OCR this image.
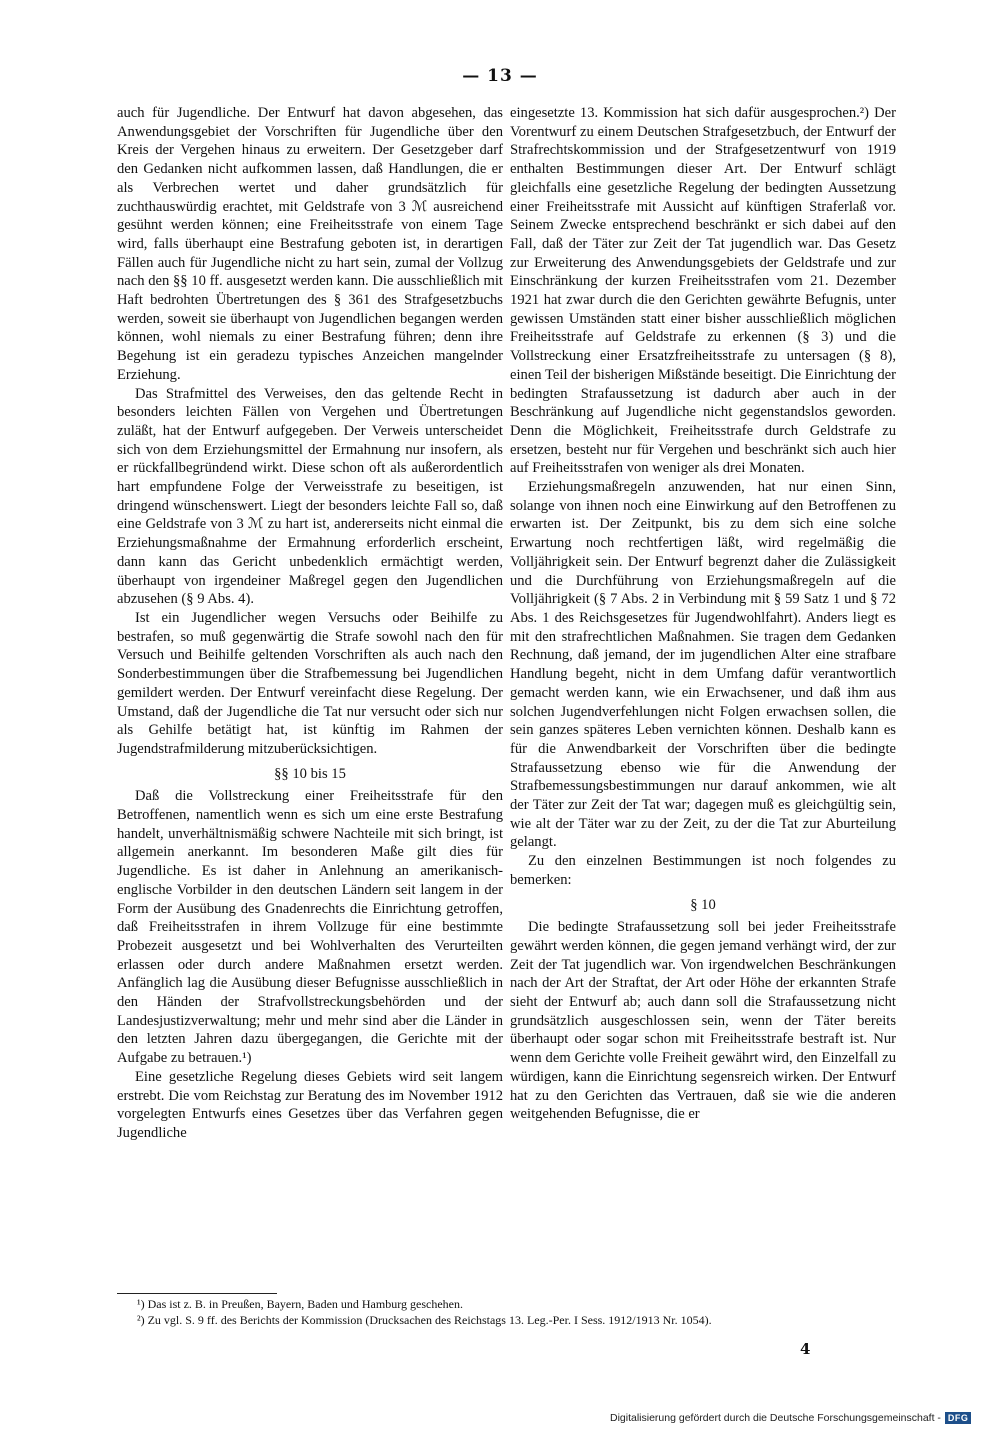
— 13 —

auch für Jugendliche. Der Entwurf hat davon abgesehen, das Anwendungsgebiet der Vorschriften für Jugendliche über den Kreis der Vergehen hinaus zu erweitern. Der Gesetzgeber darf den Gedanken nicht aufkommen lassen, daß Handlungen, die er als Verbrechen wertet und daher grundsätzlich für zuchthauswürdig erachtet, mit Geldstrafe von 3 ℳ ausreichend gesühnt werden können; eine Freiheitsstrafe von einem Tage wird, falls überhaupt eine Bestrafung geboten ist, in derartigen Fällen auch für Jugendliche nicht zu hart sein, zumal der Vollzug nach den §§ 10 ff. ausgesetzt werden kann. Die ausschließlich mit Haft bedrohten Übertretungen des § 361 des Strafgesetzbuchs werden, soweit sie überhaupt von Jugendlichen begangen werden können, wohl niemals zu einer Bestrafung führen; denn ihre Begehung ist ein geradezu typisches Anzeichen mangelnder Erziehung.

Das Strafmittel des Verweises, den das geltende Recht in besonders leichten Fällen von Vergehen und Übertretungen zuläßt, hat der Entwurf aufgegeben. Der Verweis unterscheidet sich von dem Erziehungsmittel der Ermahnung nur insofern, als er rückfallbegründend wirkt. Diese schon oft als außerordentlich hart empfundene Folge der Verweisstrafe zu beseitigen, ist dringend wünschenswert. Liegt der besonders leichte Fall so, daß eine Geldstrafe von 3 ℳ zu hart ist, andererseits nicht einmal die Erziehungsmaßnahme der Ermahnung erforderlich erscheint, dann kann das Gericht unbedenklich ermächtigt werden, überhaupt von irgendeiner Maßregel gegen den Jugendlichen abzusehen (§ 9 Abs. 4).

Ist ein Jugendlicher wegen Versuchs oder Beihilfe zu bestrafen, so muß gegenwärtig die Strafe sowohl nach den für Versuch und Beihilfe geltenden Vorschriften als auch nach den Sonderbestimmungen über die Strafbemessung bei Jugendlichen gemildert werden. Der Entwurf vereinfacht diese Regelung. Der Umstand, daß der Jugendliche die Tat nur versucht oder sich nur als Gehilfe betätigt hat, ist künftig im Rahmen der Jugendstrafmilderung mitzuberücksichtigen.

§§ 10 bis 15

Daß die Vollstreckung einer Freiheitsstrafe für den Betroffenen, namentlich wenn es sich um eine erste Bestrafung handelt, unverhältnismäßig schwere Nachteile mit sich bringt, ist allgemein anerkannt. Im besonderen Maße gilt dies für Jugendliche. Es ist daher in Anlehnung an amerikanisch-englische Vorbilder in den deutschen Ländern seit langem in der Form der Ausübung des Gnadenrechts die Einrichtung getroffen, daß Freiheitsstrafen in ihrem Vollzuge für eine bestimmte Probezeit ausgesetzt und bei Wohlverhalten des Verurteilten erlassen oder durch andere Maßnahmen ersetzt werden. Anfänglich lag die Ausübung dieser Befugnisse ausschließlich in den Händen der Strafvollstreckungsbehörden und der Landesjustizverwaltung; mehr und mehr sind aber die Länder in den letzten Jahren dazu übergegangen, die Gerichte mit der Aufgabe zu betrauen.¹)

Eine gesetzliche Regelung dieses Gebiets wird seit langem erstrebt. Die vom Reichstag zur Beratung des im November 1912 vorgelegten Entwurfs eines Gesetzes über das Verfahren gegen Jugendliche

eingesetzte 13. Kommission hat sich dafür ausgesprochen.²) Der Vorentwurf zu einem Deutschen Strafgesetzbuch, der Entwurf der Strafrechtskommission und der Strafgesetzentwurf von 1919 enthalten Bestimmungen dieser Art. Der Entwurf schlägt gleichfalls eine gesetzliche Regelung der bedingten Aussetzung einer Freiheitsstrafe mit Aussicht auf künftigen Straferlaß vor. Seinem Zwecke entsprechend beschränkt er sich dabei auf den Fall, daß der Täter zur Zeit der Tat jugendlich war. Das Gesetz zur Erweiterung des Anwendungsgebiets der Geldstrafe und zur Einschränkung der kurzen Freiheitsstrafen vom 21. Dezember 1921 hat zwar durch die den Gerichten gewährte Befugnis, unter gewissen Umständen statt einer bisher ausschließlich möglichen Freiheitsstrafe auf Geldstrafe zu erkennen (§ 3) und die Vollstreckung einer Ersatzfreiheitsstrafe zu untersagen (§ 8), einen Teil der bisherigen Mißstände beseitigt. Die Einrichtung der bedingten Strafaussetzung ist dadurch aber auch in der Beschränkung auf Jugendliche nicht gegenstandslos geworden. Denn die Möglichkeit, Freiheitsstrafe durch Geldstrafe zu ersetzen, besteht nur für Vergehen und beschränkt sich auch hier auf Freiheitsstrafen von weniger als drei Monaten.

Erziehungsmaßregeln anzuwenden, hat nur einen Sinn, solange von ihnen noch eine Einwirkung auf den Betroffenen zu erwarten ist. Der Zeitpunkt, bis zu dem sich eine solche Erwartung noch rechtfertigen läßt, wird regelmäßig die Volljährigkeit sein. Der Entwurf begrenzt daher die Zulässigkeit und die Durchführung von Erziehungsmaßregeln auf die Volljährigkeit (§ 7 Abs. 2 in Verbindung mit § 59 Satz 1 und § 72 Abs. 1 des Reichsgesetzes für Jugendwohlfahrt). Anders liegt es mit den strafrechtlichen Maßnahmen. Sie tragen dem Gedanken Rechnung, daß jemand, der im jugendlichen Alter eine strafbare Handlung begeht, nicht in dem Umfang dafür verantwortlich gemacht werden kann, wie ein Erwachsener, und daß ihm aus solchen Jugendverfehlungen nicht Folgen erwachsen sollen, die sein ganzes späteres Leben vernichten können. Deshalb kann es für die Anwendbarkeit der Vorschriften über die bedingte Strafaussetzung ebenso wie für die Anwendung der Strafbemessungsbestimmungen nur darauf ankommen, wie alt der Täter zur Zeit der Tat war; dagegen muß es gleichgültig sein, wie alt der Täter war zu der Zeit, zu der die Tat zur Aburteilung gelangt.

Zu den einzelnen Bestimmungen ist noch folgendes zu bemerken:

§ 10

Die bedingte Strafaussetzung soll bei jeder Freiheitsstrafe gewährt werden können, die gegen jemand verhängt wird, der zur Zeit der Tat jugendlich war. Von irgendwelchen Beschränkungen nach der Art der Straftat, der Art oder Höhe der erkannten Strafe sieht der Entwurf ab; auch dann soll die Strafaussetzung nicht grundsätzlich ausgeschlossen sein, wenn der Täter bereits überhaupt oder sogar schon mit Freiheitsstrafe bestraft ist. Nur wenn dem Gerichte volle Freiheit gewährt wird, den Einzelfall zu würdigen, kann die Einrichtung segensreich wirken. Der Entwurf hat zu den Gerichten das Vertrauen, daß sie wie die anderen weitgehenden Befugnisse, die er

¹) Das ist z. B. in Preußen, Bayern, Baden und Hamburg geschehen.

²) Zu vgl. S. 9 ff. des Berichts der Kommission (Drucksachen des Reichstags 13. Leg.-Per. I Sess. 1912/1913 Nr. 1054).

4
Digitalisierung gefördert durch die Deutsche Forschungsgemeinschaft - DFG
